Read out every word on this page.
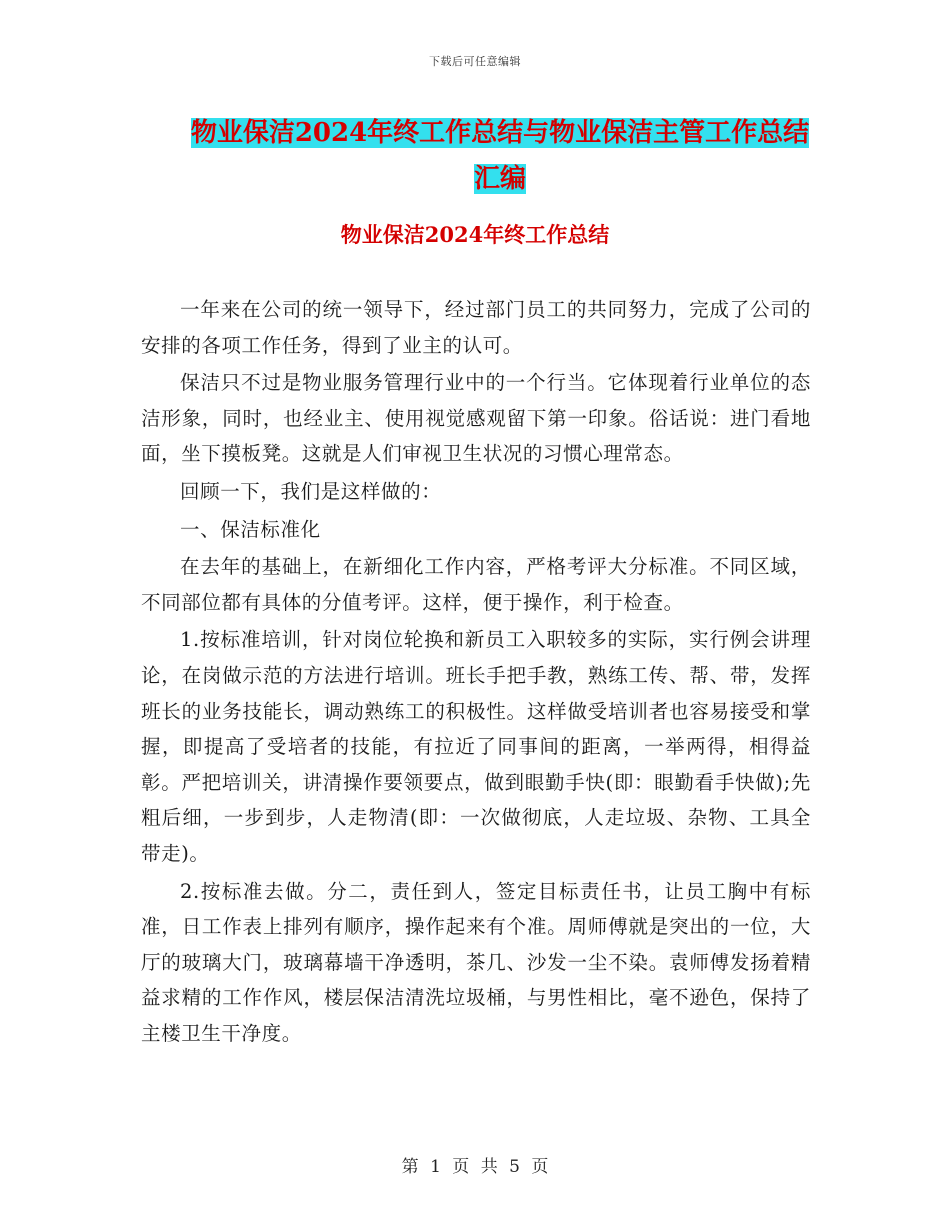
下载后可任意编辑
物业保洁2024年终工作总结与物业保洁主管工作总结
汇编
物业保洁2024年终工作总结

一年来在公司的统一领导下，经过部门员工的共同努力，完成了公司的安排的各项工作任务，得到了业主的认可。

保洁只不过是物业服务管理行业中的一个行当。它体现着行业单位的态洁形象，同时，也经业主、使用视觉感观留下第一印象。俗话说：进门看地面，坐下摸板凳。这就是人们审视卫生状况的习惯心理常态。

回顾一下，我们是这样做的：

一、保洁标准化

在去年的基础上，在新细化工作内容，严格考评大分标准。不同区域，不同部位都有具体的分值考评。这样，便于操作，利于检查。

1.按标准培训，针对岗位轮换和新员工入职较多的实际，实行例会讲理论，在岗做示范的方法进行培训。班长手把手教，熟练工传、帮、带，发挥班长的业务技能长，调动熟练工的积极性。这样做受培训者也容易接受和掌握，即提高了受培者的技能，有拉近了同事间的距离，一举两得，相得益彰。严把培训关，讲清操作要领要点，做到眼勤手快(即：眼勤看手快做);先粗后细，一步到步，人走物清(即：一次做彻底，人走垃圾、杂物、工具全带走)。

2.按标准去做。分二，责任到人，签定目标责任书，让员工胸中有标准，日工作表上排列有顺序，操作起来有个准。周师傅就是突出的一位，大厅的玻璃大门，玻璃幕墙干净透明，茶几、沙发一尘不染。袁师傅发扬着精益求精的工作作风，楼层保洁清洗垃圾桶，与男性相比，毫不逊色，保持了主楼卫生干净度。

第 1 页 共 5 页
